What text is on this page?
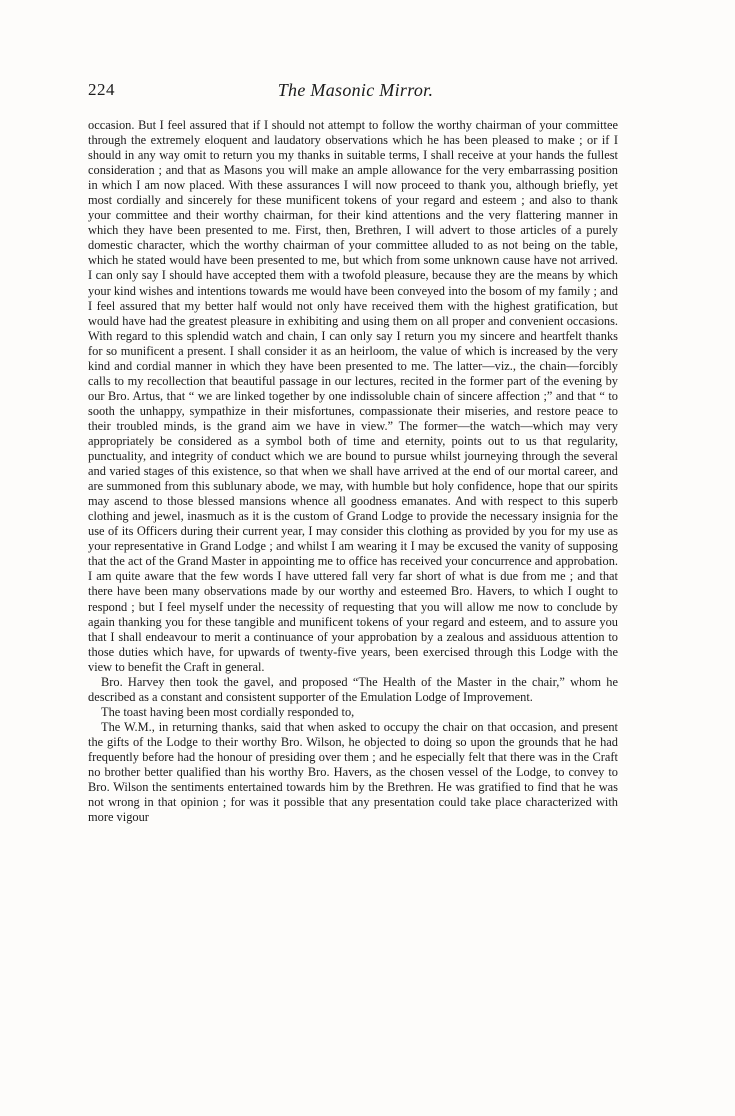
224	The Masonic Mirror.

occasion. But I feel assured that if I should not attempt to follow the worthy chairman of your committee through the extremely eloquent and laudatory observations which he has been pleased to make ; or if I should in any way omit to return you my thanks in suitable terms, I shall receive at your hands the fullest consideration ; and that as Masons you will make an ample allowance for the very embarrassing position in which I am now placed. With these assurances I will now proceed to thank you, although briefly, yet most cordially and sincerely for these munificent tokens of your regard and esteem ; and also to thank your committee and their worthy chairman, for their kind attentions and the very flattering manner in which they have been presented to me. First, then, Brethren, I will advert to those articles of a purely domestic character, which the worthy chairman of your committee alluded to as not being on the table, which he stated would have been presented to me, but which from some unknown cause have not arrived. I can only say I should have accepted them with a twofold pleasure, because they are the means by which your kind wishes and intentions towards me would have been conveyed into the bosom of my family ; and I feel assured that my better half would not only have received them with the highest gratification, but would have had the greatest pleasure in exhibiting and using them on all proper and convenient occasions. With regard to this splendid watch and chain, I can only say I return you my sincere and heartfelt thanks for so munificent a present. I shall consider it as an heirloom, the value of which is increased by the very kind and cordial manner in which they have been presented to me. The latter—viz., the chain—forcibly calls to my recollection that beautiful passage in our lectures, recited in the former part of the evening by our Bro. Artus, that “ we are linked together by one indissoluble chain of sincere affection ;” and that “ to sooth the unhappy, sympathize in their misfortunes, compassionate their miseries, and restore peace to their troubled minds, is the grand aim we have in view.” The former—the watch—which may very appropriately be considered as a symbol both of time and eternity, points out to us that regularity, punctuality, and integrity of conduct which we are bound to pursue whilst journeying through the several and varied stages of this existence, so that when we shall have arrived at the end of our mortal career, and are summoned from this sublunary abode, we may, with humble but holy confidence, hope that our spirits may ascend to those blessed mansions whence all goodness emanates. And with respect to this superb clothing and jewel, inasmuch as it is the custom of Grand Lodge to provide the necessary insignia for the use of its Officers during their current year, I may consider this clothing as provided by you for my use as your representative in Grand Lodge ; and whilst I am wearing it I may be excused the vanity of supposing that the act of the Grand Master in appointing me to office has received your concurrence and approbation. I am quite aware that the few words I have uttered fall very far short of what is due from me ; and that there have been many observations made by our worthy and esteemed Bro. Havers, to which I ought to respond ; but I feel myself under the necessity of requesting that you will allow me now to conclude by again thanking you for these tangible and munificent tokens of your regard and esteem, and to assure you that I shall endeavour to merit a continuance of your approbation by a zealous and assiduous attention to those duties which have, for upwards of twenty-five years, been exercised through this Lodge with the view to benefit the Craft in general.

Bro. Harvey then took the gavel, and proposed “The Health of the Master in the chair,” whom he described as a constant and consistent supporter of the Emulation Lodge of Improvement.

The toast having been most cordially responded to,

The W.M., in returning thanks, said that when asked to occupy the chair on that occasion, and present the gifts of the Lodge to their worthy Bro. Wilson, he objected to doing so upon the grounds that he had frequently before had the honour of presiding over them ; and he especially felt that there was in the Craft no brother better qualified than his worthy Bro. Havers, as the chosen vessel of the Lodge, to convey to Bro. Wilson the sentiments entertained towards him by the Brethren. He was gratified to find that he was not wrong in that opinion ; for was it possible that any presentation could take place characterized with more vigour
